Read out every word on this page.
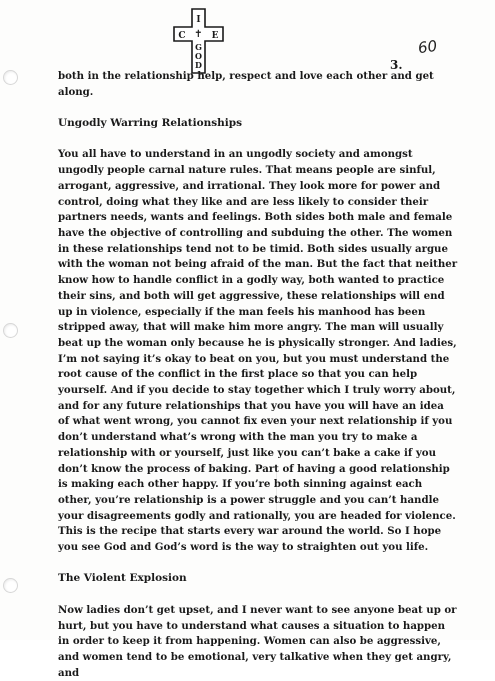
I
C	E
✝
G
O
D
60
3.

both in the relationship help, respect and love each other and get along.

Ungodly Warring Relationships

You all have to understand in an ungodly society and amongst ungodly people carnal nature rules. That means people are sinful, arrogant, aggressive, and irrational. They look more for power and control, doing what they like and are less likely to consider their partners needs, wants and feelings. Both sides both male and female have the objective of controlling and subduing the other. The women in these relationships tend not to be timid. Both sides usually argue with the woman not being afraid of the man. But the fact that neither know how to handle conflict in a godly way, both wanted to practice their sins, and both will get aggressive, these relationships will end up in violence, especially if the man feels his manhood has been stripped away, that will make him more angry. The man will usually beat up the woman only because he is physically stronger. And ladies, I’m not saying it’s okay to beat on you, but you must understand the root cause of the conflict in the first place so that you can help yourself. And if you decide to stay together which I truly worry about, and for any future relationships that you have you will have an idea of what went wrong, you cannot fix even your next relationship if you don’t understand what’s wrong with the man you try to make a relationship with or yourself, just like you can’t bake a cake if you don’t know the process of baking. Part of having a good relationship is making each other happy. If you’re both sinning against each other, you’re relationship is a power struggle and you can’t handle your disagreements godly and rationally, you are headed for violence. This is the recipe that starts every war around the world. So I hope you see God and God’s word is the way to straighten out you life.

The Violent Explosion

Now ladies don’t get upset, and I never want to see anyone beat up or hurt, but you have to understand what causes a situation to happen in order to keep it from happening. Women can also be aggressive, and women tend to be emotional, very talkative when they get angry, and
